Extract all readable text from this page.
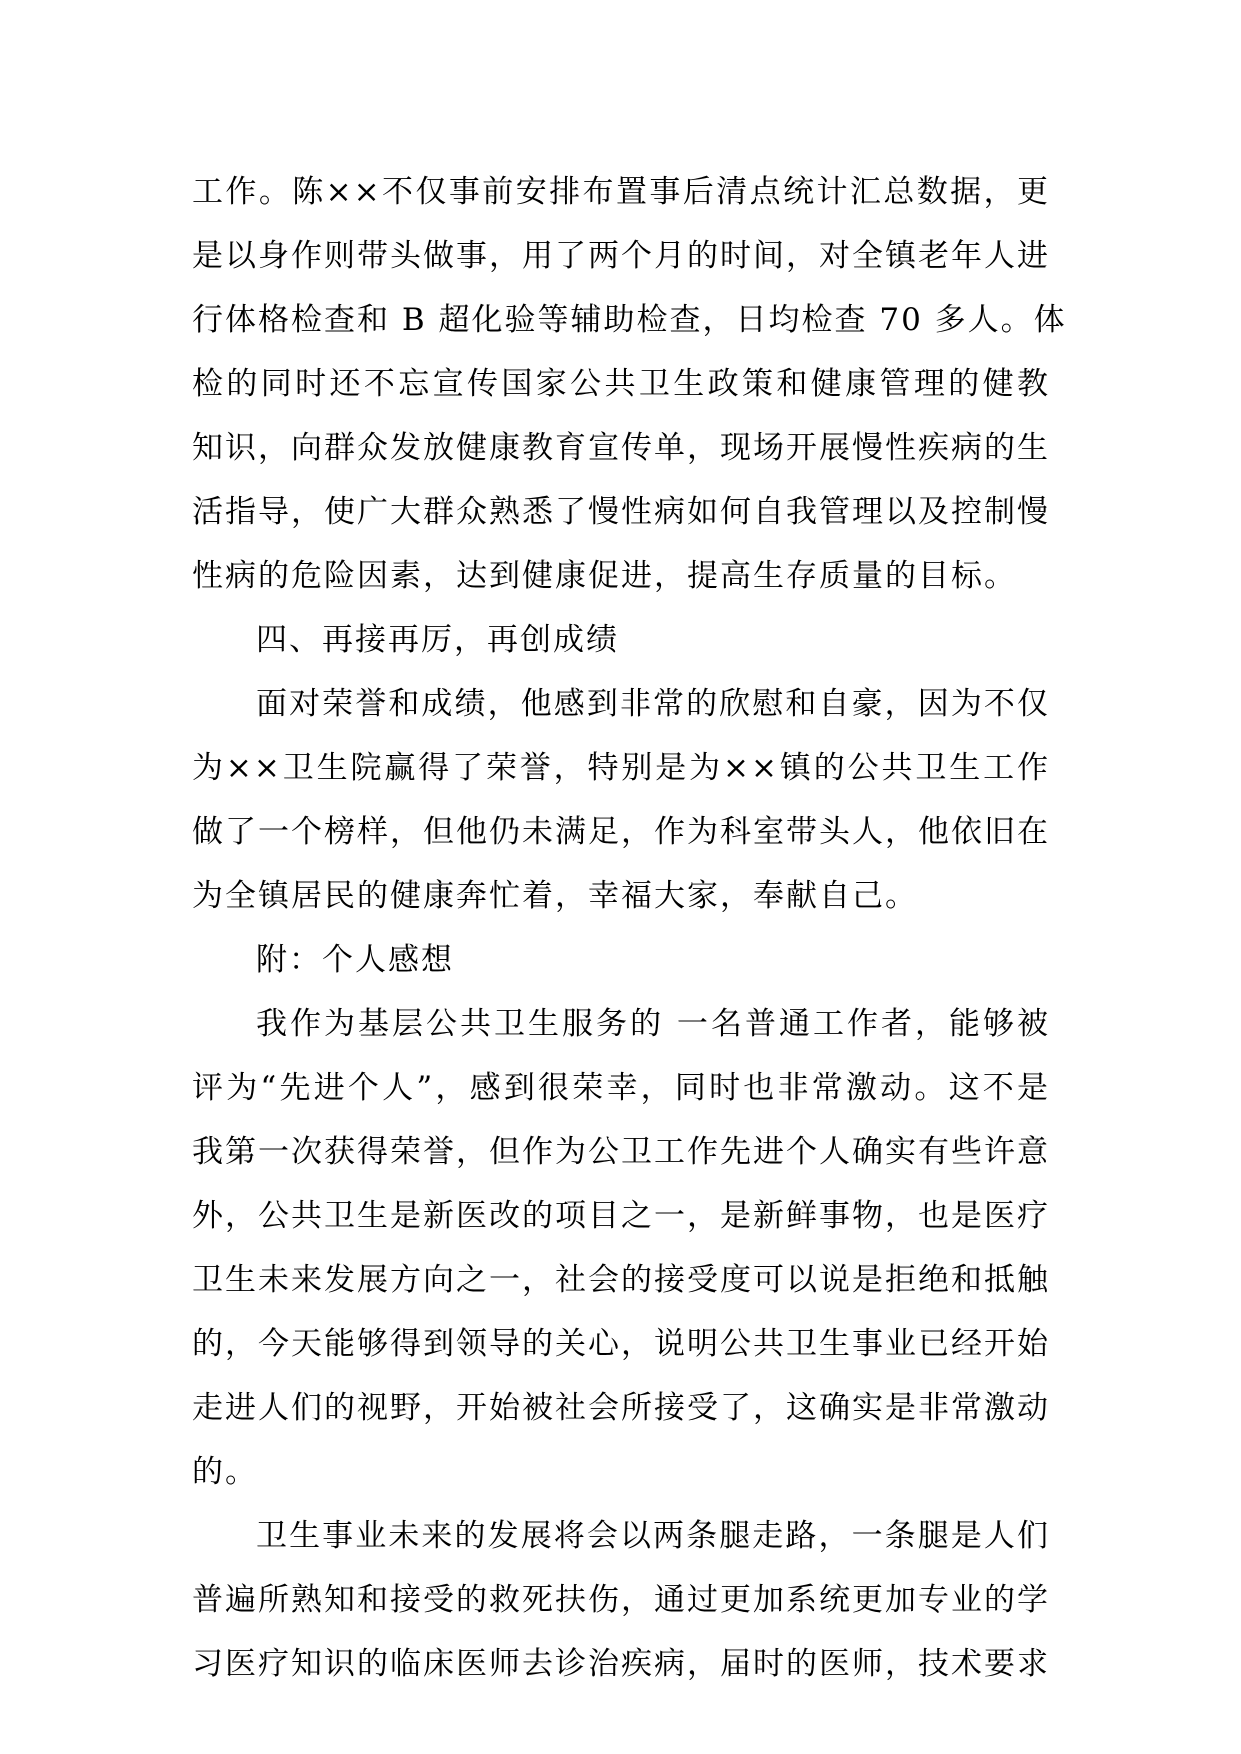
工作。陈××不仅事前安排布置事后清点统计汇总数据，更
是以身作则带头做事，用了两个月的时间，对全镇老年人进
行体格检查和 B 超化验等辅助检查，日均检查 70 多人。体
检的同时还不忘宣传国家公共卫生政策和健康管理的健教
知识，向群众发放健康教育宣传单，现场开展慢性疾病的生
活指导，使广大群众熟悉了慢性病如何自我管理以及控制慢
性病的危险因素，达到健康促进，提高生存质量的目标。
四、再接再厉，再创成绩
面对荣誉和成绩，他感到非常的欣慰和自豪，因为不仅
为××卫生院赢得了荣誉，特别是为××镇的公共卫生工作
做了一个榜样，但他仍未满足，作为科室带头人，他依旧在
为全镇居民的健康奔忙着，幸福大家，奉献自己。
附：个人感想
我作为基层公共卫生服务的 一名普通工作者，能够被
评为“先进个人”，感到很荣幸，同时也非常激动。这不是
我第一次获得荣誉，但作为公卫工作先进个人确实有些许意
外，公共卫生是新医改的项目之一，是新鲜事物，也是医疗
卫生未来发展方向之一，社会的接受度可以说是拒绝和抵触
的，今天能够得到领导的关心，说明公共卫生事业已经开始
走进人们的视野，开始被社会所接受了，这确实是非常激动
的。
卫生事业未来的发展将会以两条腿走路，一条腿是人们
普遍所熟知和接受的救死扶伤，通过更加系统更加专业的学
习医疗知识的临床医师去诊治疾病，届时的医师，技术要求
